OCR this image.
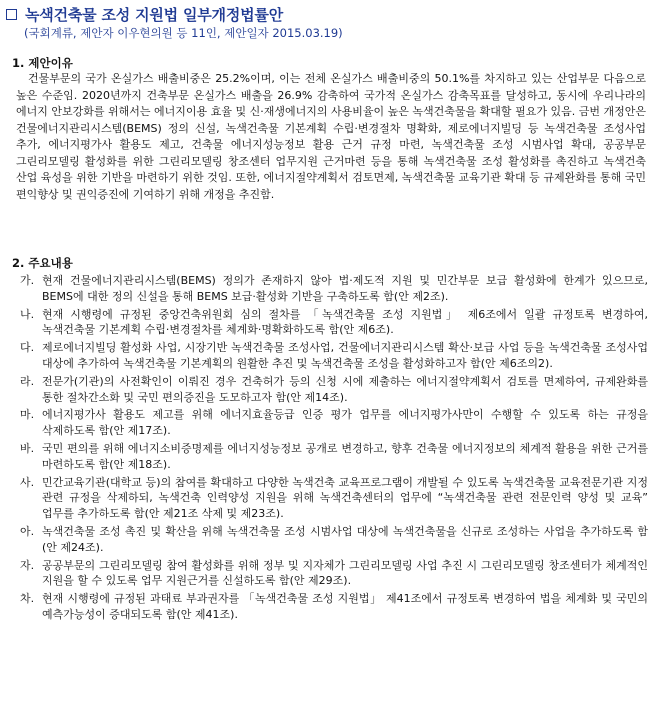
녹색건축물 조성 지원법 일부개정법률안
(국회계류, 제안자 이우현의원 등 11인, 제안일자 2015.03.19)
1. 제안이유
건물부문의 국가 온실가스 배출비중은 25.2%이며, 이는 전체 온실가스 배출비중의 50.1%를 차지하고 있는 산업부문 다음으로 높은 수준임. 2020년까지 건축부문 온실가스 배출을 26.9% 감축하여 국가적 온실가스 감축목표를 달성하고, 동시에 우리나라의 에너지 안보강화를 위해서는 에너지이용 효율 및 신·재생에너지의 사용비율이 높은 녹색건축물을 확대할 필요가 있음. 금번 개정안은 건물에너지관리시스템(BEMS) 정의 신설, 녹색건축물 기본계획 수립·변경절차 명확화, 제로에너지빌딩 등 녹색건축물 조성사업 추가, 에너지평가사 활용도 제고, 건축물 에너지성능정보 활용 근거 규정 마련, 녹색건축물 조성 시범사업 확대, 공공부문 그린리모델링 활성화를 위한 그린리모델링 창조센터 업무지원 근거마련 등을 통해 녹색건축물 조성 활성화를 촉진하고 녹색건축 산업 육성을 위한 기반을 마련하기 위한 것임. 또한, 에너지절약계획서 검토면제, 녹색건축물 교육기관 확대 등 규제완화를 통해 국민 편익향상 및 권익증진에 기여하기 위해 개정을 추진함.
2. 주요내용
가. 현재 건물에너지관리시스템(BEMS) 정의가 존재하지 않아 법·제도적 지원 및 민간부문 보급 활성화에 한계가 있으므로, BEMS에 대한 정의 신설을 통해 BEMS 보급·활성화 기반을 구축하도록 함(안 제2조).
나. 현재 시행령에 규정된 중앙건축위원회 심의 절차를 「녹색건축물 조성 지원법」 제6조에서 일괄 규정토록 변경하여, 녹색건축물 기본계획 수립·변경절차를 체계화·명확화하도록 함(안 제6조).
다. 제로에너지빌딩 활성화 사업, 시장기반 녹색건축물 조성사업, 건물에너지관리시스템 확산·보급 사업 등을 녹색건축물 조성사업 대상에 추가하여 녹색건축물 기본계획의 원활한 추진 및 녹색건축물 조성을 활성화하고자 함(안 제6조의2).
라. 전문가(기관)의 사전확인이 이뤄진 경우 건축허가 등의 신청 시에 제출하는 에너지절약계획서 검토를 면제하여, 규제완화를 통한 절차간소화 및 국민 편의증진을 도모하고자 함(안 제14조).
마. 에너지평가사 활용도 제고를 위해 에너지효율등급 인증 평가 업무를 에너지평가사만이 수행할 수 있도록 하는 규정을 삭제하도록 함(안 제17조).
바. 국민 편의를 위해 에너지소비증명제를 에너지성능정보 공개로 변경하고, 향후 건축물 에너지정보의 체계적 활용을 위한 근거를 마련하도록 함(안 제18조).
사. 민간교육기관(대학교 등)의 참여를 확대하고 다양한 녹색건축 교육프로그램이 개발될 수 있도록 녹색건축물 교육전문기관 지정 관련 규정을 삭제하되, 녹색건축 인력양성 지원을 위해 녹색건축센터의 업무에 “녹색건축물 관련 전문인력 양성 및 교육” 업무를 추가하도록 함(안 제21조 삭제 및 제23조).
아. 녹색건축물 조성 촉진 및 확산을 위해 녹색건축물 조성 시범사업 대상에 녹색건축물을 신규로 조성하는 사업을 추가하도록 함(안 제24조).
자. 공공부문의 그린리모델링 참여 활성화를 위해 정부 및 지자체가 그린리모델링 사업 추진 시 그린리모델링 창조센터가 체계적인 지원을 할 수 있도록 업무 지원근거를 신설하도록 함(안 제29조).
차. 현재 시행령에 규정된 과태료 부과권자를 「녹색건축물 조성 지원법」 제41조에서 규정토록 변경하여 법을 체계화 및 국민의 예측가능성이 증대되도록 함(안 제41조).
